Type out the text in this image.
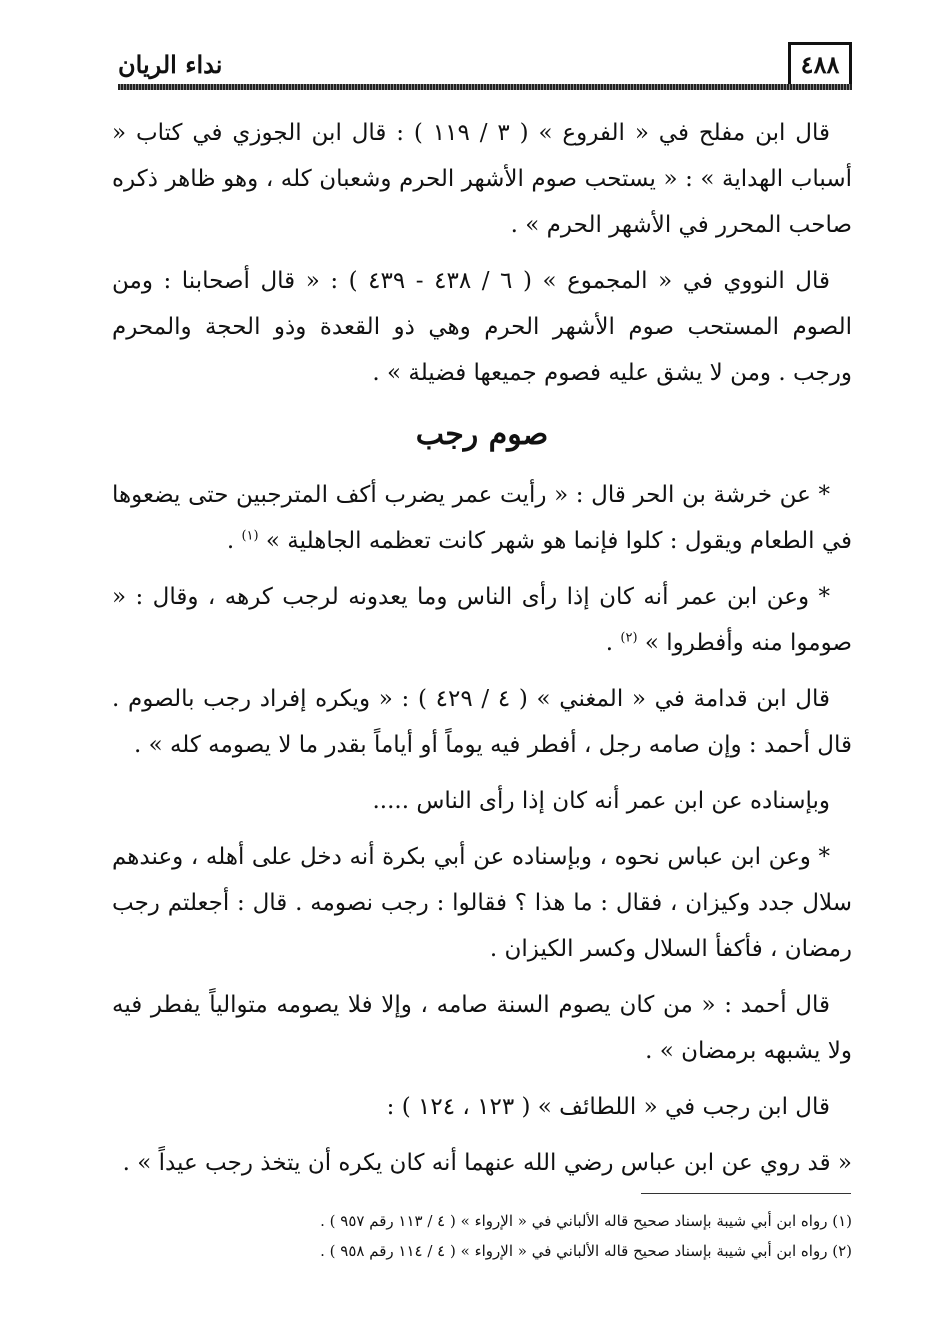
نداء الريان	٤٨٨

قال ابن مفلح في « الفروع » ( ٣ / ١١٩ ) : قال ابن الجوزي في كتاب « أسباب الهداية » : « يستحب صوم الأشهر الحرم وشعبان كله ، وهو ظاهر ذكره صاحب المحرر في الأشهر الحرم » .

قال النووي في « المجموع » ( ٦ / ٤٣٨ - ٤٣٩ ) : « قال أصحابنا : ومن الصوم المستحب صوم الأشهر الحرم وهي ذو القعدة وذو الحجة والمحرم ورجب . ومن لا يشق عليه فصوم جميعها فضيلة » .

صوم رجب

* عن خرشة بن الحر قال : « رأيت عمر يضرب أكف المترجبين حتى يضعوها في الطعام ويقول : كلوا فإنما هو شهر كانت تعظمه الجاهلية » $^{(١)}$ .

* وعن ابن عمر أنه كان إذا رأى الناس وما يعدونه لرجب كرهه ، وقال : « صوموا منه وأفطروا » $^{(٢)}$ .

قال ابن قدامة في « المغني » ( ٤ / ٤٢٩ ) : « ويكره إفراد رجب بالصوم . قال أحمد : وإن صامه رجل ، أفطر فيه يوماً أو أياماً بقدر ما لا يصومه كله » .

وبإسناده عن ابن عمر أنه كان إذا رأى الناس .....

* وعن ابن عباس نحوه ، وبإسناده عن أبي بكرة أنه دخل على أهله ، وعندهم سلال جدد وكيزان ، فقال : ما هذا ؟ فقالوا : رجب نصومه . قال : أجعلتم رجب رمضان ، فأكفأ السلال وكسر الكيزان .

قال أحمد : « من كان يصوم السنة صامه ، وإلا فلا يصومه متوالياً يفطر فيه ولا يشبهه برمضان » .

قال ابن رجب في « اللطائف » ( ١٢٣ ، ١٢٤ ) :

« قد روي عن ابن عباس رضي الله عنهما أنه كان يكره أن يتخذ رجب عيداً » .

(١) رواه ابن أبي شيبة بإسناد صحيح قاله الألباني في « الإرواء » ( ٤ / ١١٣ رقم ٩٥٧ ) .

(٢) رواه ابن أبي شيبة بإسناد صحيح قاله الألباني في « الإرواء » ( ٤ / ١١٤ رقم ٩٥٨ ) .
